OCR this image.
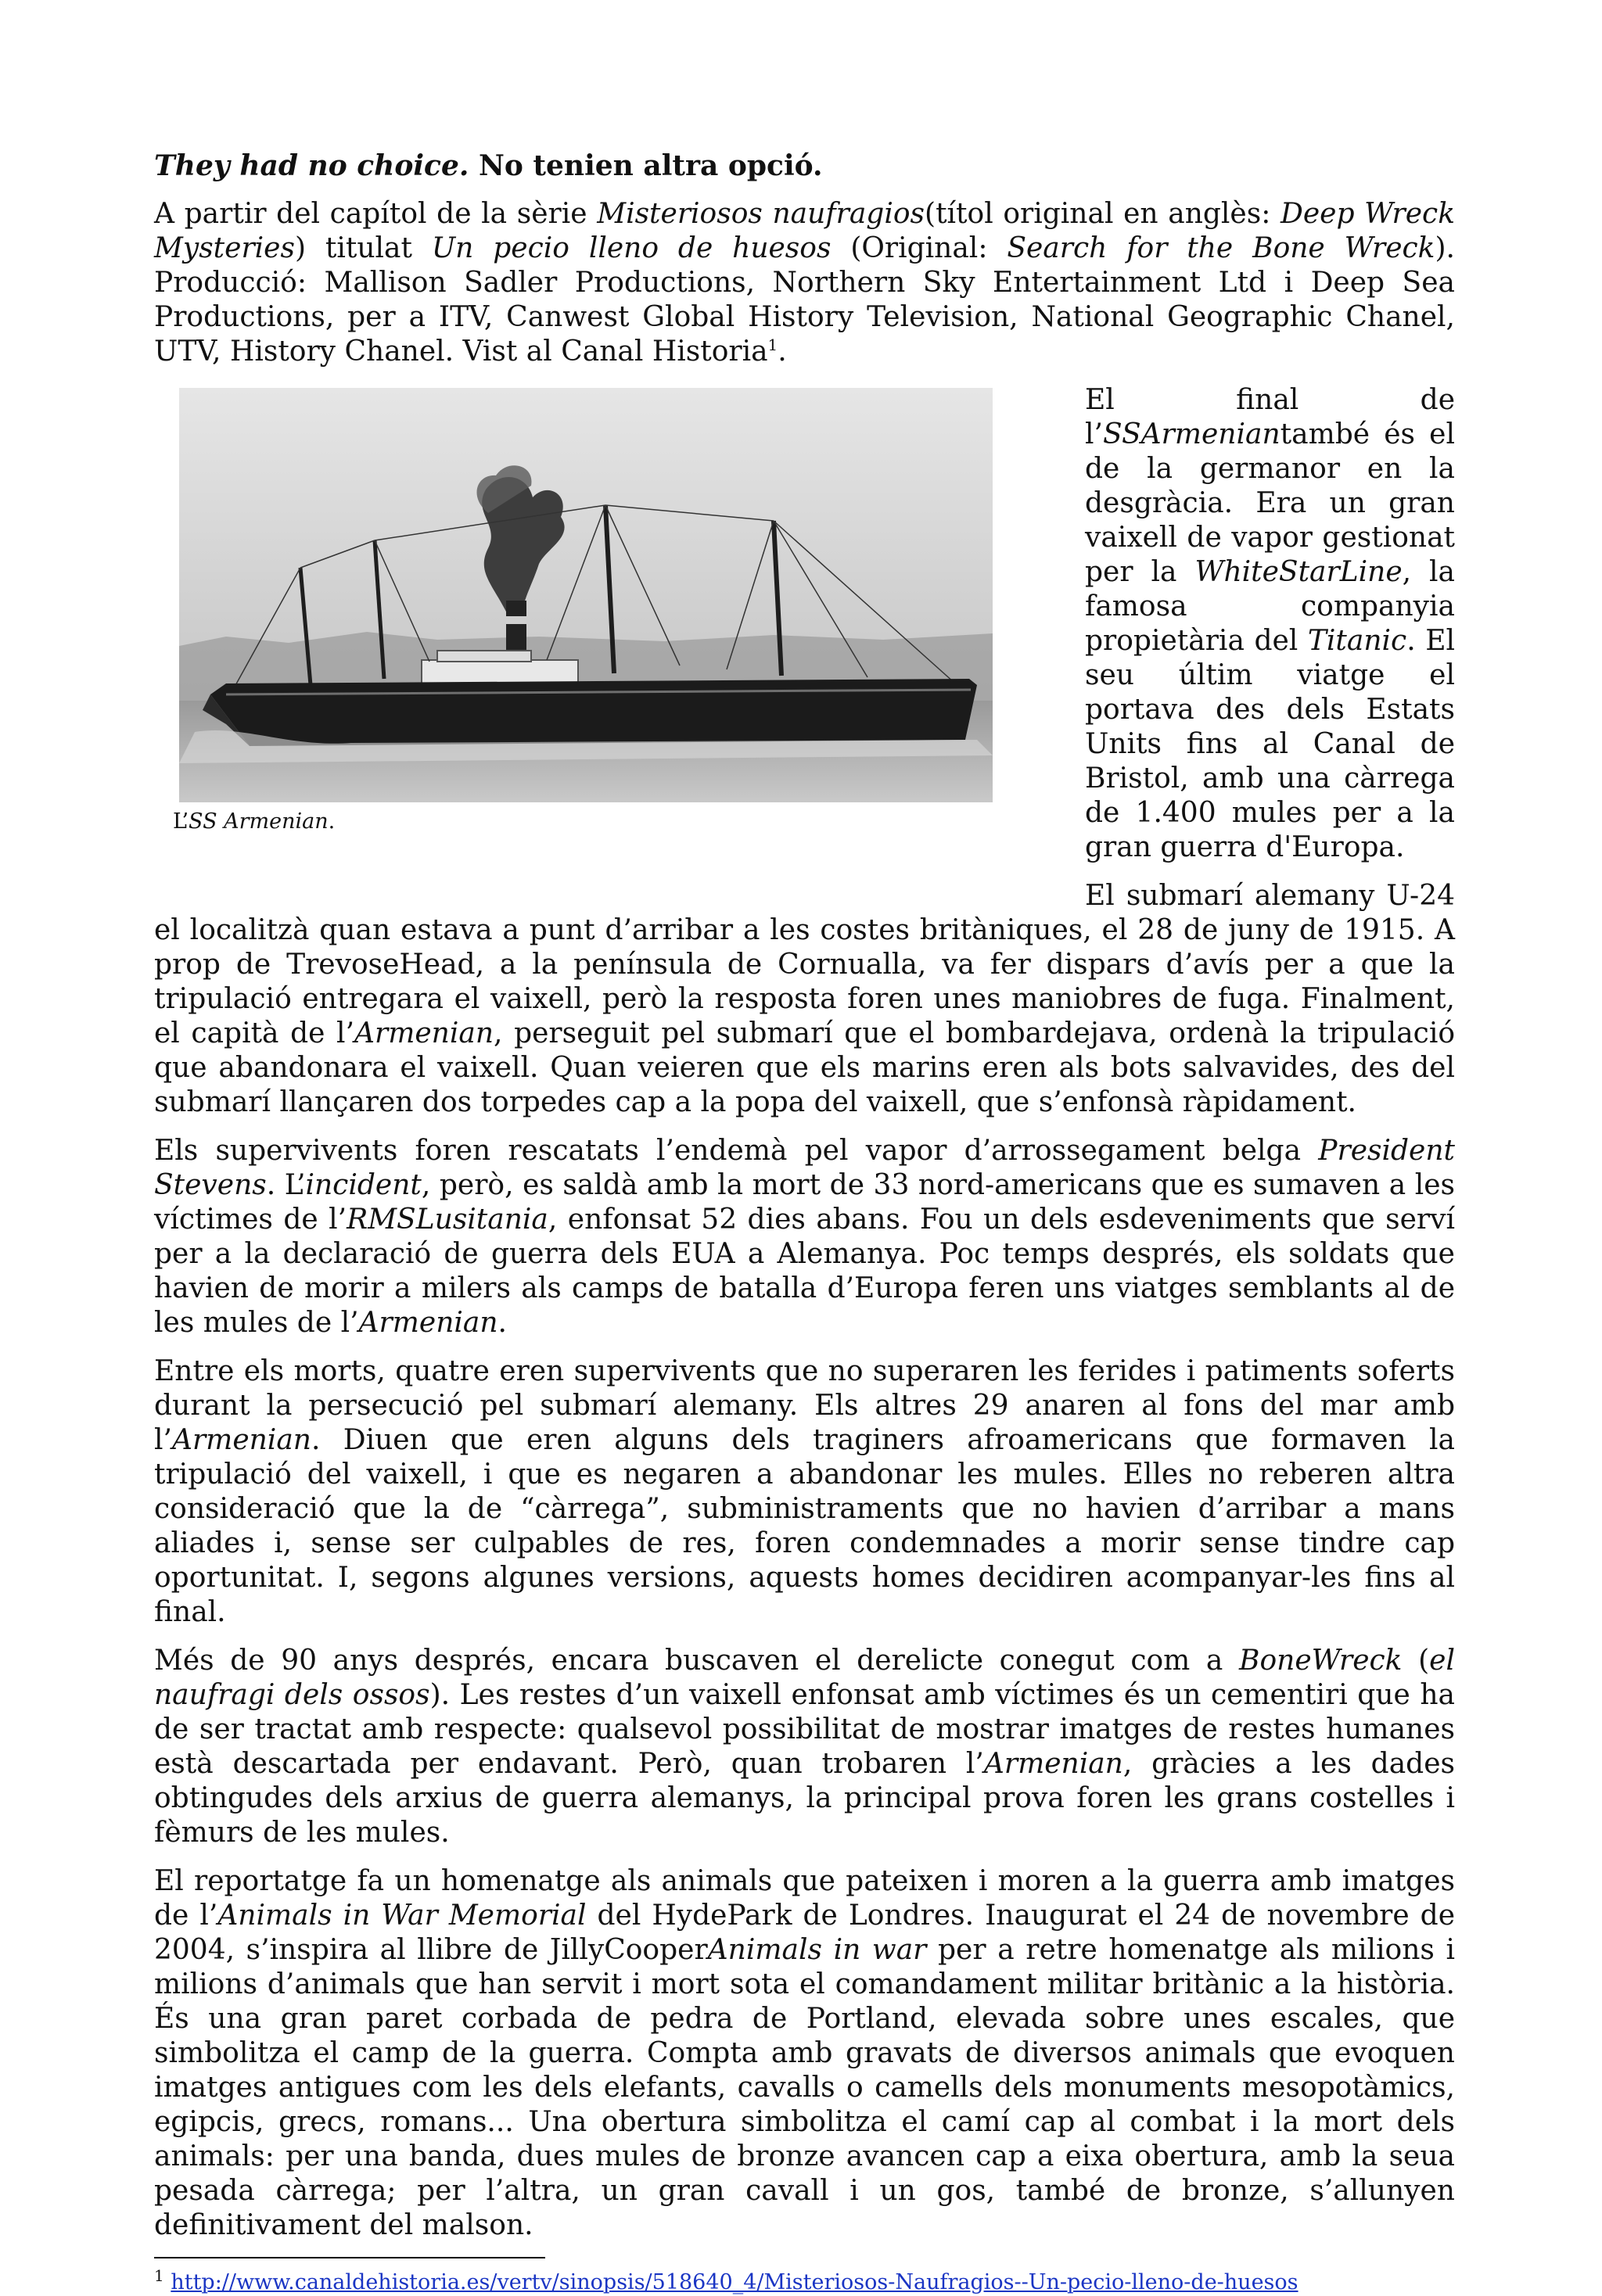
They had no choice. No tenien altra opció.

A partir del capítol de la sèrie Misteriosos naufragios(títol original en anglès: Deep Wreck Mysteries) titulat Un pecio lleno de huesos (Original: Search for the Bone Wreck). Producció: Mallison Sadler Productions, Northern Sky Entertainment Ltd i Deep Sea Productions, per a ITV, Canwest Global History Television, National Geographic Chanel, UTV, History Chanel. Vist al Canal Historia$^1$.

L’SS Armenian.

El final de l’SSArmeniantambé és el de la germanor en la desgràcia. Era un gran vaixell de vapor gestionat per la WhiteStarLine, la famosa companyia propietària del Titanic. El seu últim viatge el portava des dels Estats Units fins al Canal de Bristol, amb una càrrega de 1.400 mules per a la gran guerra d'Europa.

El submarí alemany U-24 el localitzà quan estava a punt d’arribar a les costes britàniques, el 28 de juny de 1915. A prop de TrevoseHead, a la península de Cornualla, va fer dispars d’avís per a que la tripulació entregara el vaixell, però la resposta foren unes maniobres de fuga. Finalment, el capità de l’Armenian, perseguit pel submarí que el bombardejava, ordenà la tripulació que abandonara el vaixell. Quan veieren que els marins eren als bots salvavides, des del submarí llançaren dos torpedes cap a la popa del vaixell, que s’enfonsà ràpidament.

Els supervivents foren rescatats l’endemà pel vapor d’arrossegament belga President Stevens. L’incident, però, es saldà amb la mort de 33 nord-americans que es sumaven a les víctimes de l’RMSLusitania, enfonsat 52 dies abans. Fou un dels esdeveniments que serví per a la declaració de guerra dels EUA a Alemanya. Poc temps després, els soldats que havien de morir a milers als camps de batalla d’Europa feren uns viatges semblants al de les mules de l’Armenian.

Entre els morts, quatre eren supervivents que no superaren les ferides i patiments soferts durant la persecució pel submarí alemany. Els altres 29 anaren al fons del mar amb l’Armenian. Diuen que eren alguns dels traginers afroamericans que formaven la tripulació del vaixell, i que es negaren a abandonar les mules. Elles no reberen altra consideració que la de “càrrega”, subministraments que no havien d’arribar a mans aliades i, sense ser culpables de res, foren condemnades a morir sense tindre cap oportunitat. I, segons algunes versions, aquests homes decidiren acompanyar-les fins al final.

Més de 90 anys després, encara buscaven el derelicte conegut com a BoneWreck (el naufragi dels ossos). Les restes d’un vaixell enfonsat amb víctimes és un cementiri que ha de ser tractat amb respecte: qualsevol possibilitat de mostrar imatges de restes humanes està descartada per endavant. Però, quan trobaren l’Armenian, gràcies a les dades obtingudes dels arxius de guerra alemanys, la principal prova foren les grans costelles i fèmurs de les mules.

El reportatge fa un homenatge als animals que pateixen i moren a la guerra amb imatges de l’Animals in War Memorial del HydePark de Londres. Inaugurat el 24 de novembre de 2004, s’inspira al llibre de JillyCooperAnimals in war per a retre homenatge als milions i milions d’animals que han servit i mort sota el comandament militar britànic a la història. És una gran paret corbada de pedra de Portland, elevada sobre unes escales, que simbolitza el camp de la guerra. Compta amb gravats de diversos animals que evoquen imatges antigues com les dels elefants, cavalls o camells dels monuments mesopotàmics, egipcis, grecs, romans... Una obertura simbolitza el camí cap al combat i la mort dels animals: per una banda, dues mules de bronze avancen cap a eixa obertura, amb la seua pesada càrrega; per l’altra, un gran cavall i un gos, també de bronze, s’allunyen definitivament del malson.

$^1$ http://www.canaldehistoria.es/vertv/sinopsis/518640_4/Misteriosos-Naufragios--Un-pecio-lleno-de-huesos
